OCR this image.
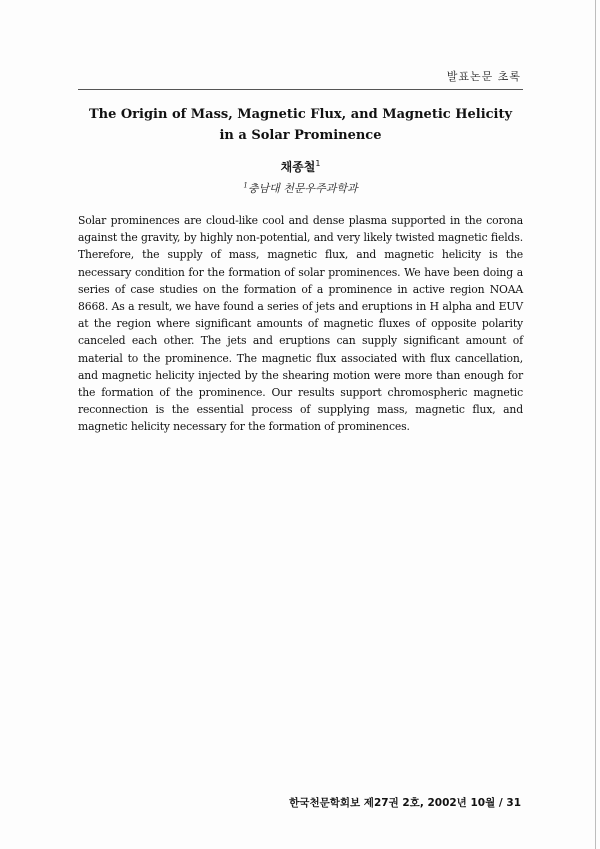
발표논문 초록
The Origin of Mass, Magnetic Flux, and Magnetic Helicity
in a Solar Prominence
채종철$^1$
$^1$충남대 천문우주과학과

Solar prominences are cloud-like cool and dense plasma supported in the corona against the gravity, by highly non-potential, and very likely twisted magnetic fields. Therefore, the supply of mass, magnetic flux, and magnetic helicity is the necessary condition for the formation of solar prominences. We have been doing a series of case studies on the formation of a prominence in active region NOAA 8668. As a result, we have found a series of jets and eruptions in H alpha and EUV at the region where significant amounts of magnetic fluxes of opposite polarity canceled each other. The jets and eruptions can supply significant amount of material to the prominence. The magnetic flux associated with flux cancellation, and magnetic helicity injected by the shearing motion were more than enough for the formation of the prominence. Our results support chromospheric magnetic reconnection is the essential process of supplying mass, magnetic flux, and magnetic helicity necessary for the formation of prominences.

한국천문학회보 제27권 2호, 2002년 10월 / 31
